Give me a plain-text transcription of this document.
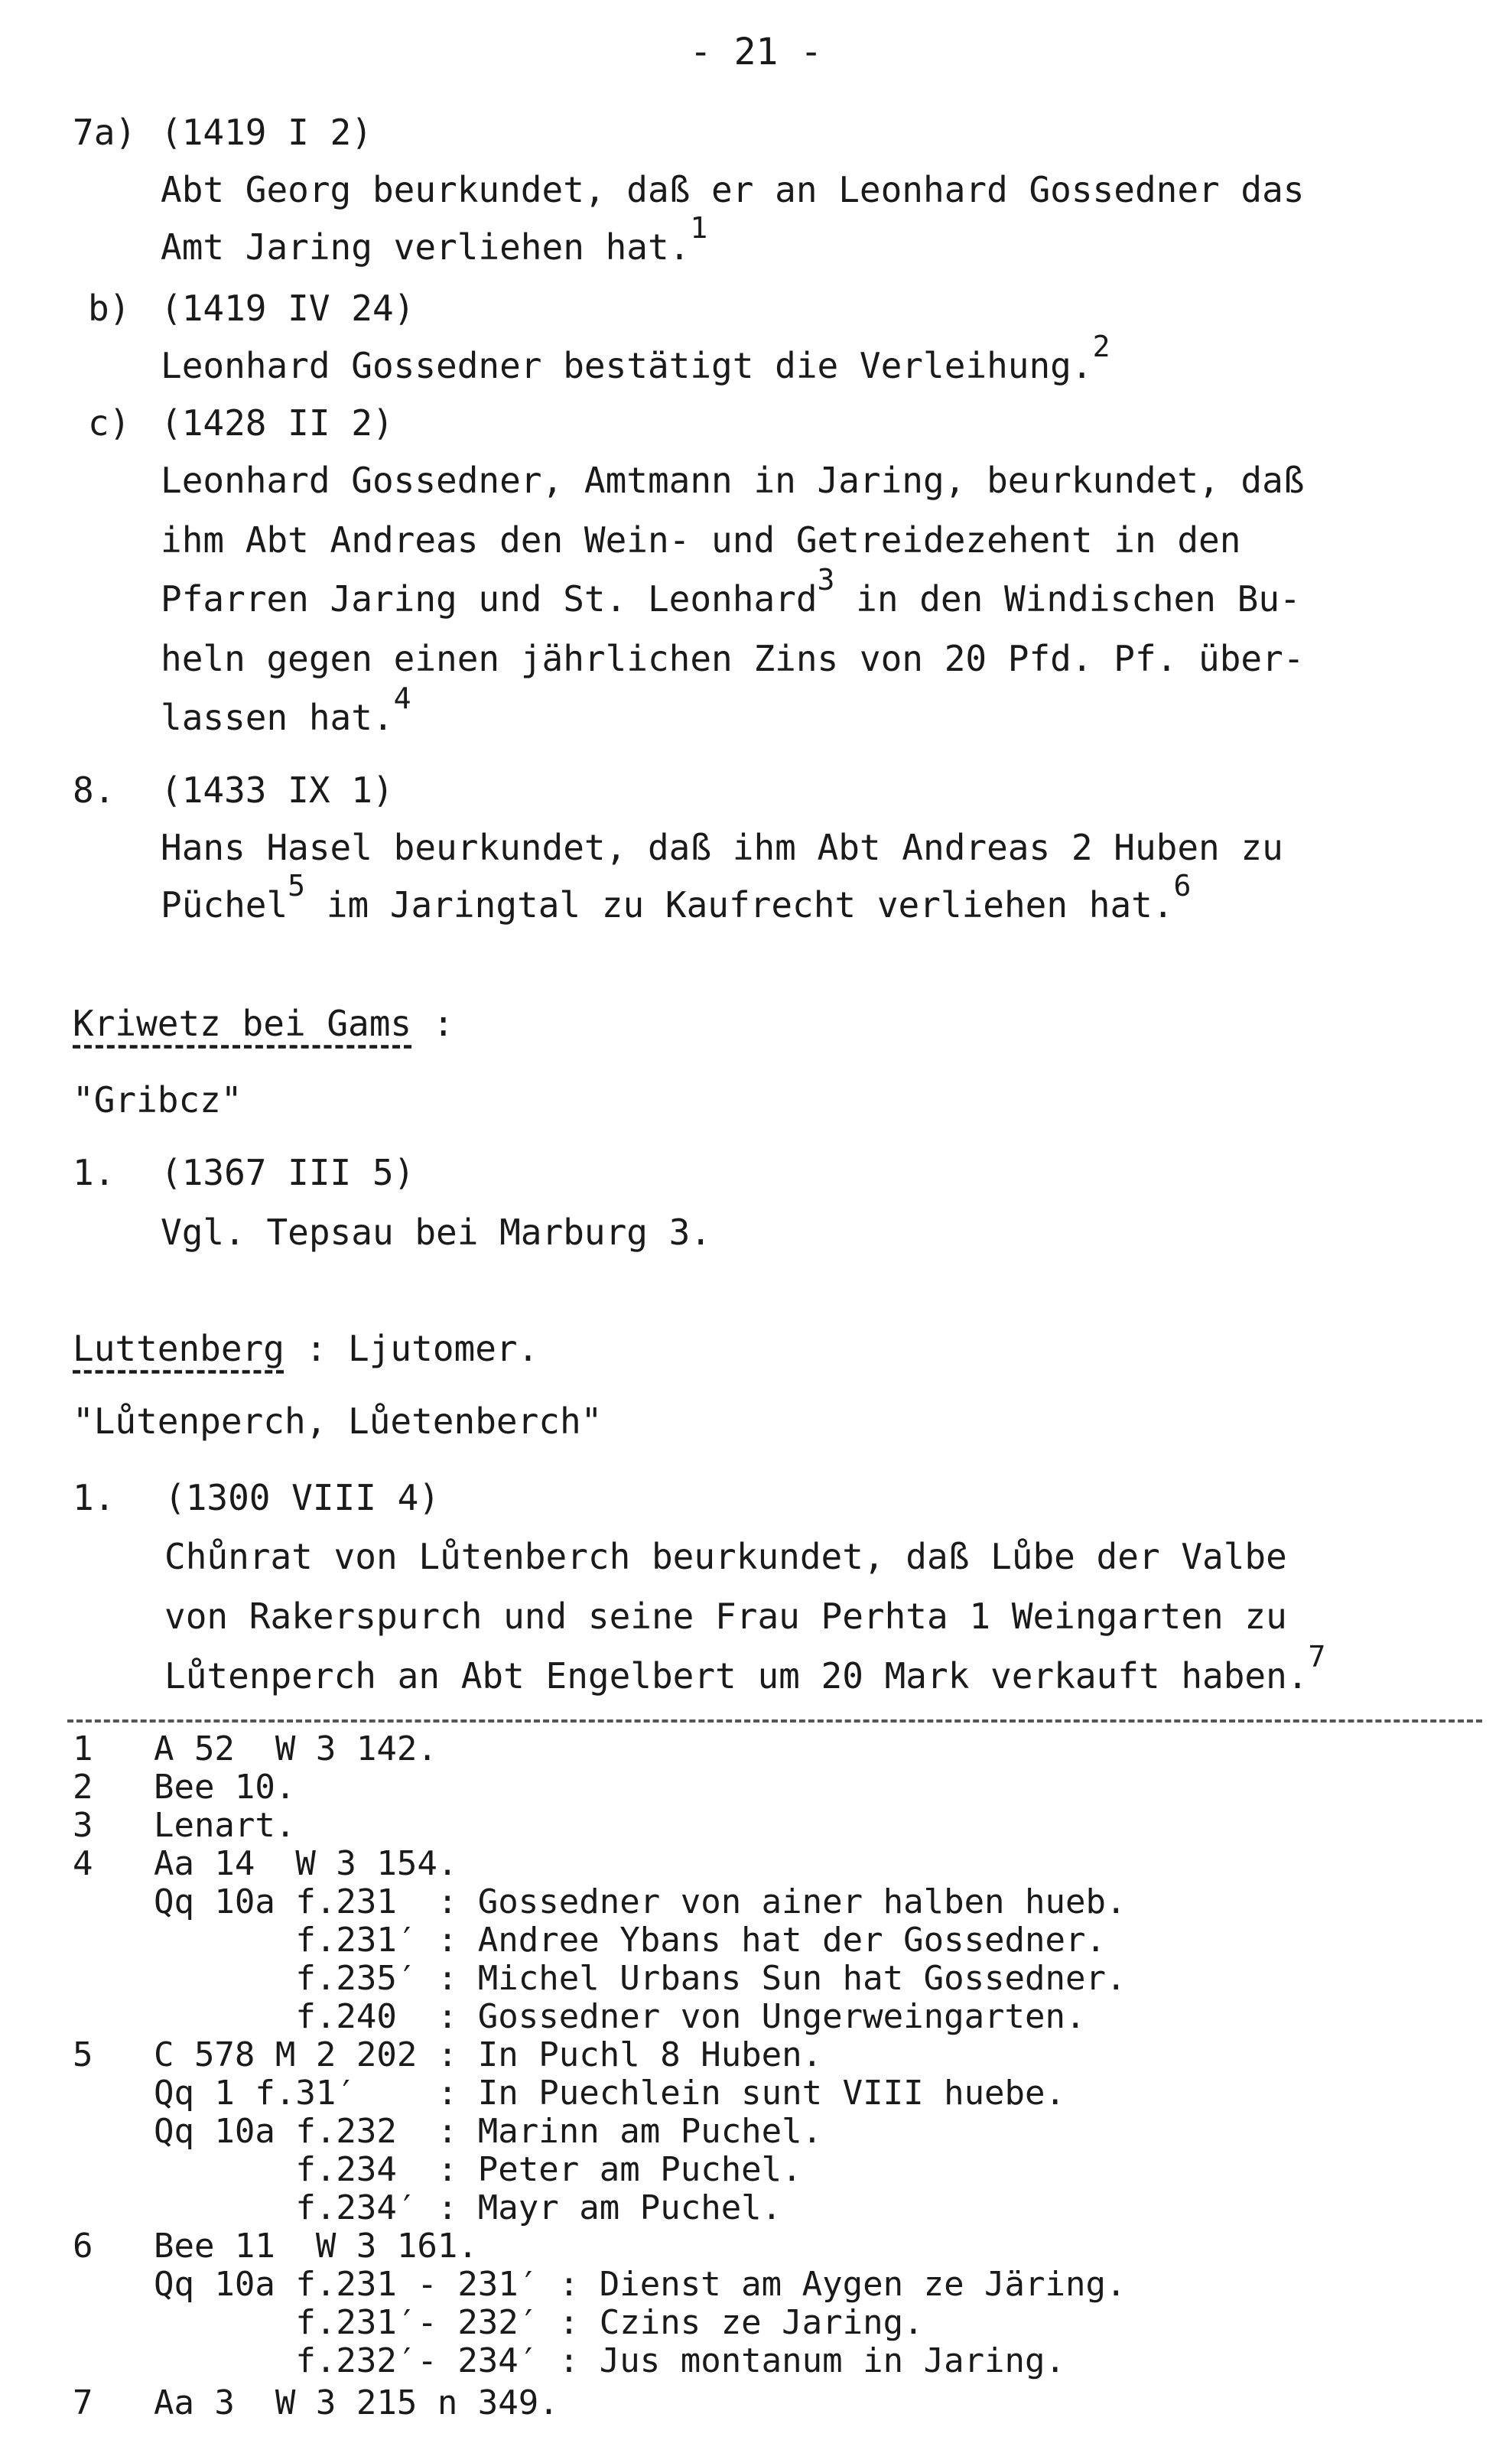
- 21 -
7a) (1419 I 2)
Abt Georg beurkundet, daß er an Leonhard Gossedner das
Amt Jaring verliehen hat.$^1$
b) (1419 IV 24)
Leonhard Gossedner bestätigt die Verleihung.$^2$
c) (1428 II 2)
Leonhard Gossedner, Amtmann in Jaring, beurkundet, daß
ihm Abt Andreas den Wein- und Getreidezehent in den
Pfarren Jaring und St. Leonhard$^3$ in den Windischen Bu-
heln gegen einen jährlichen Zins von 20 Pfd. Pf. über-
lassen hat.$^4$
8. (1433 IX 1)
Hans Hasel beurkundet, daß ihm Abt Andreas 2 Huben zu
Püchel$^5$ im Jaringtal zu Kaufrecht verliehen hat.$^6$
Kriwetz bei Gams :
"Gribcz"
1. (1367 III 5)
Vgl. Tepsau bei Marburg 3.
Luttenberg : Ljutomer.
"Lůtenperch, Lůetenberch"
1. (1300 VIII 4)
Chůnrat von Lůtenberch beurkundet, daß Lůbe der Valbe
von Rakerspurch und seine Frau Perhta 1 Weingarten zu
Lůtenperch an Abt Engelbert um 20 Mark verkauft haben.$^7$
1   A 52  W 3 142.
2   Bee 10.
3   Lenart.
4   Aa 14  W 3 154.
Qq 10a f.231  : Gossedner von ainer halben hueb.
f.231′ : Andree Ybans hat der Gossedner.
f.235′ : Michel Urbans Sun hat Gossedner.
f.240  : Gossedner von Ungerweingarten.
5   C 578 M 2 202 : In Puchl 8 Huben.
Qq 1 f.31′    : In Puechlein sunt VIII huebe.
Qq 10a f.232  : Marinn am Puchel.
f.234  : Peter am Puchel.
f.234′ : Mayr am Puchel.
6   Bee 11  W 3 161.
Qq 10a f.231 - 231′ : Dienst am Aygen ze Järing.
f.231′- 232′ : Czins ze Jaring.
f.232′- 234′ : Jus montanum in Jaring.
7   Aa 3  W 3 215 n 349.
